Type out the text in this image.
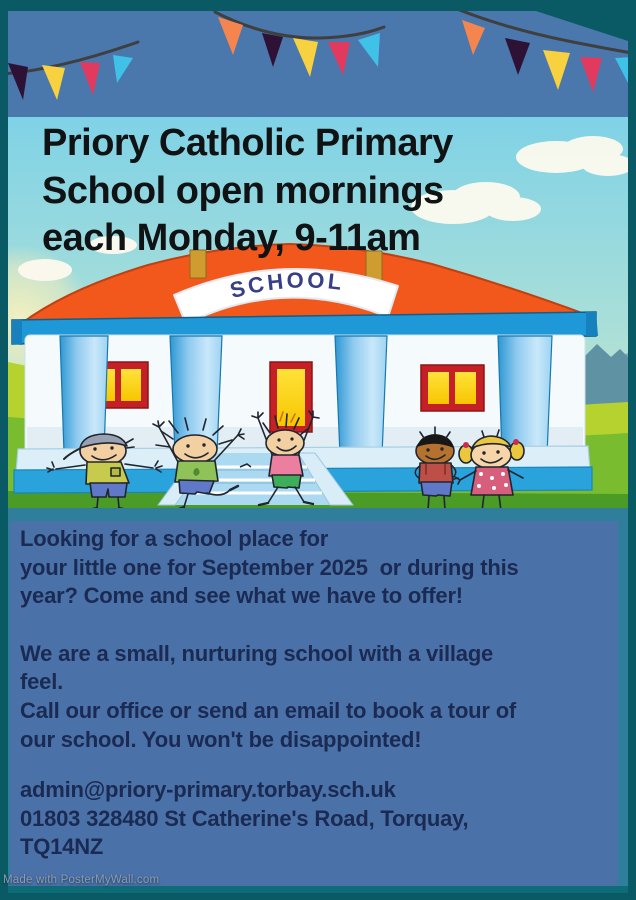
SCHOOL
Priory Catholic Primary
School open mornings
each Monday, 9-11am
Looking for a school place for
your little one for September 2025  or during this
year? Come and see what we have to offer!
We are a small, nurturing school with a village
feel.
Call our office or send an email to book a tour of
our school. You won't be disappointed!
admin@priory-primary.torbay.sch.uk
01803 328480 St Catherine's Road, Torquay,
TQ14NZ
Made with PosterMyWall.com
